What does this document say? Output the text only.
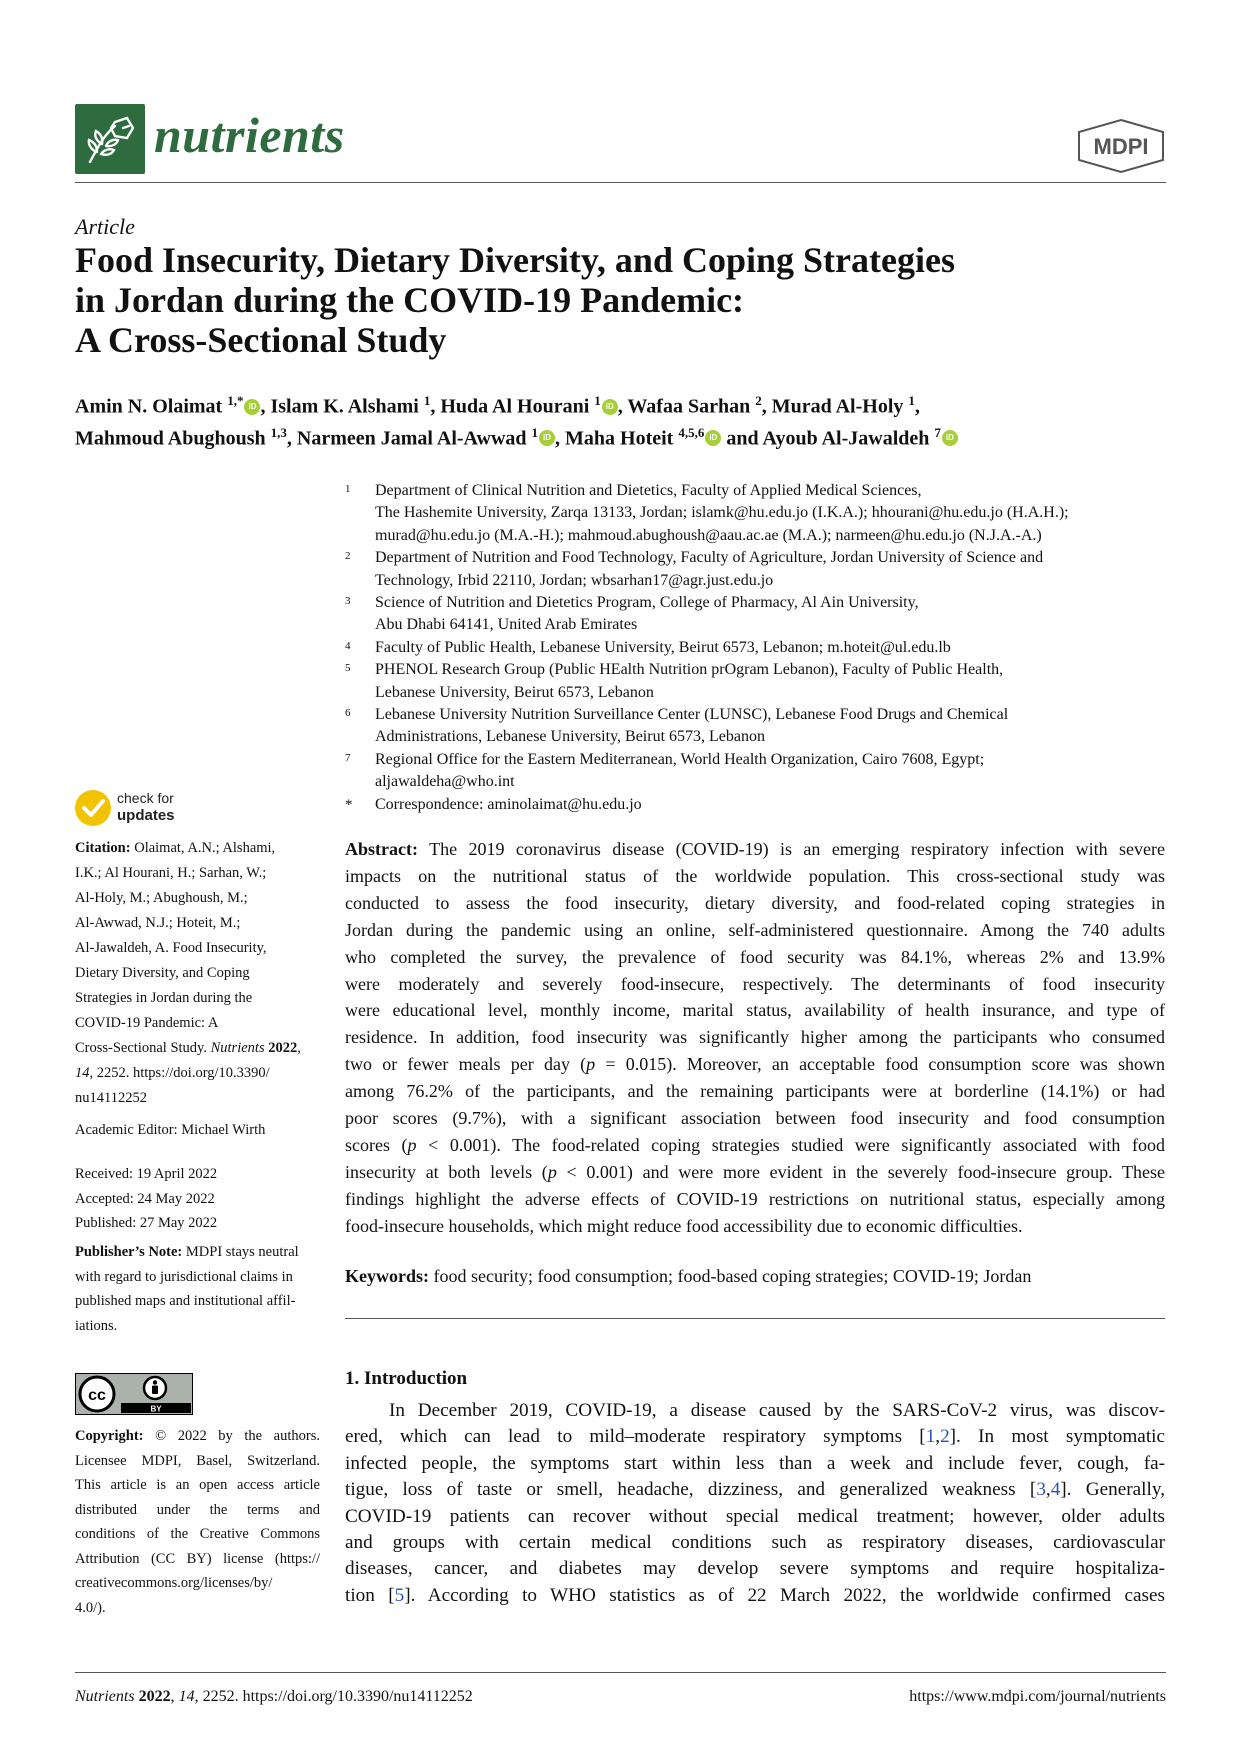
nutrients	MDPI
Article
Food Insecurity, Dietary Diversity, and Coping Strategies
in Jordan during the COVID-19 Pandemic:
A Cross-Sectional Study
Amin N. Olaimat $^{1,*}$ iD , Islam K. Alshami $^1$, Huda Al Hourani $^1$ iD , Wafaa Sarhan $^2$, Murad Al-Holy $^1$,
Mahmoud Abughoush $^{1,3}$, Narmeen Jamal Al-Awwad $^1$ iD , Maha Hoteit $^{4,5,6}$ iD and Ayoub Al-Jawaldeh $^7$ iD
1 Department of Clinical Nutrition and Dietetics, Faculty of Applied Medical Sciences,
The Hashemite University, Zarqa 13133, Jordan; islamk@hu.edu.jo (I.K.A.); hhourani@hu.edu.jo (H.A.H.);
murad@hu.edu.jo (M.A.-H.); mahmoud.abughoush@aau.ac.ae (M.A.); narmeen@hu.edu.jo (N.J.A.-A.)
2 Department of Nutrition and Food Technology, Faculty of Agriculture, Jordan University of Science and
Technology, Irbid 22110, Jordan; wbsarhan17@agr.just.edu.jo
3 Science of Nutrition and Dietetics Program, College of Pharmacy, Al Ain University,
Abu Dhabi 64141, United Arab Emirates
4 Faculty of Public Health, Lebanese University, Beirut 6573, Lebanon; m.hoteit@ul.edu.lb
5 PHENOL Research Group (Public HEalth Nutrition prOgram Lebanon), Faculty of Public Health,
Lebanese University, Beirut 6573, Lebanon
6 Lebanese University Nutrition Surveillance Center (LUNSC), Lebanese Food Drugs and Chemical
Administrations, Lebanese University, Beirut 6573, Lebanon
7 Regional Office for the Eastern Mediterranean, World Health Organization, Cairo 7608, Egypt;
aljawaldeha@who.int
* Correspondence: aminolaimat@hu.edu.jo
check for
updates
Citation: Olaimat, A.N.; Alshami,
I.K.; Al Hourani, H.; Sarhan, W.;
Al-Holy, M.; Abughoush, M.;
Al-Awwad, N.J.; Hoteit, M.;
Al-Jawaldeh, A. Food Insecurity,
Dietary Diversity, and Coping
Strategies in Jordan during the
COVID-19 Pandemic: A
Cross-Sectional Study. Nutrients 2022,
14, 2252. https://doi.org/10.3390/
nu14112252
Academic Editor: Michael Wirth
Received: 19 April 2022
Accepted: 24 May 2022
Published: 27 May 2022
Publisher’s Note: MDPI stays neutral
with regard to jurisdictional claims in
published maps and institutional affil-
iations.
cc
BY
Copyright: © 2022 by the authors.
Licensee MDPI, Basel, Switzerland.
This article is an open access article
distributed under the terms and
conditions of the Creative Commons
Attribution (CC BY) license (https://
creativecommons.org/licenses/by/
4.0/).
Abstract: The 2019 coronavirus disease (COVID-19) is an emerging respiratory infection with severe
impacts on the nutritional status of the worldwide population. This cross-sectional study was
conducted to assess the food insecurity, dietary diversity, and food-related coping strategies in
Jordan during the pandemic using an online, self-administered questionnaire. Among the 740 adults
who completed the survey, the prevalence of food security was 84.1%, whereas 2% and 13.9%
were moderately and severely food-insecure, respectively. The determinants of food insecurity
were educational level, monthly income, marital status, availability of health insurance, and type of
residence. In addition, food insecurity was significantly higher among the participants who consumed
two or fewer meals per day (p = 0.015). Moreover, an acceptable food consumption score was shown
among 76.2% of the participants, and the remaining participants were at borderline (14.1%) or had
poor scores (9.7%), with a significant association between food insecurity and food consumption
scores (p < 0.001). The food-related coping strategies studied were significantly associated with food
insecurity at both levels (p < 0.001) and were more evident in the severely food-insecure group. These
findings highlight the adverse effects of COVID-19 restrictions on nutritional status, especially among
food-insecure households, which might reduce food accessibility due to economic difficulties.
Keywords: food security; food consumption; food-based coping strategies; COVID-19; Jordan
1. Introduction
In December 2019, COVID-19, a disease caused by the SARS-CoV-2 virus, was discov-
ered, which can lead to mild–moderate respiratory symptoms [1,2]. In most symptomatic
infected people, the symptoms start within less than a week and include fever, cough, fa-
tigue, loss of taste or smell, headache, dizziness, and generalized weakness [3,4]. Generally,
COVID-19 patients can recover without special medical treatment; however, older adults
and groups with certain medical conditions such as respiratory diseases, cardiovascular
diseases, cancer, and diabetes may develop severe symptoms and require hospitaliza-
tion [5]. According to WHO statistics as of 22 March 2022, the worldwide confirmed cases
Nutrients 2022, 14, 2252. https://doi.org/10.3390/nu14112252	https://www.mdpi.com/journal/nutrients
